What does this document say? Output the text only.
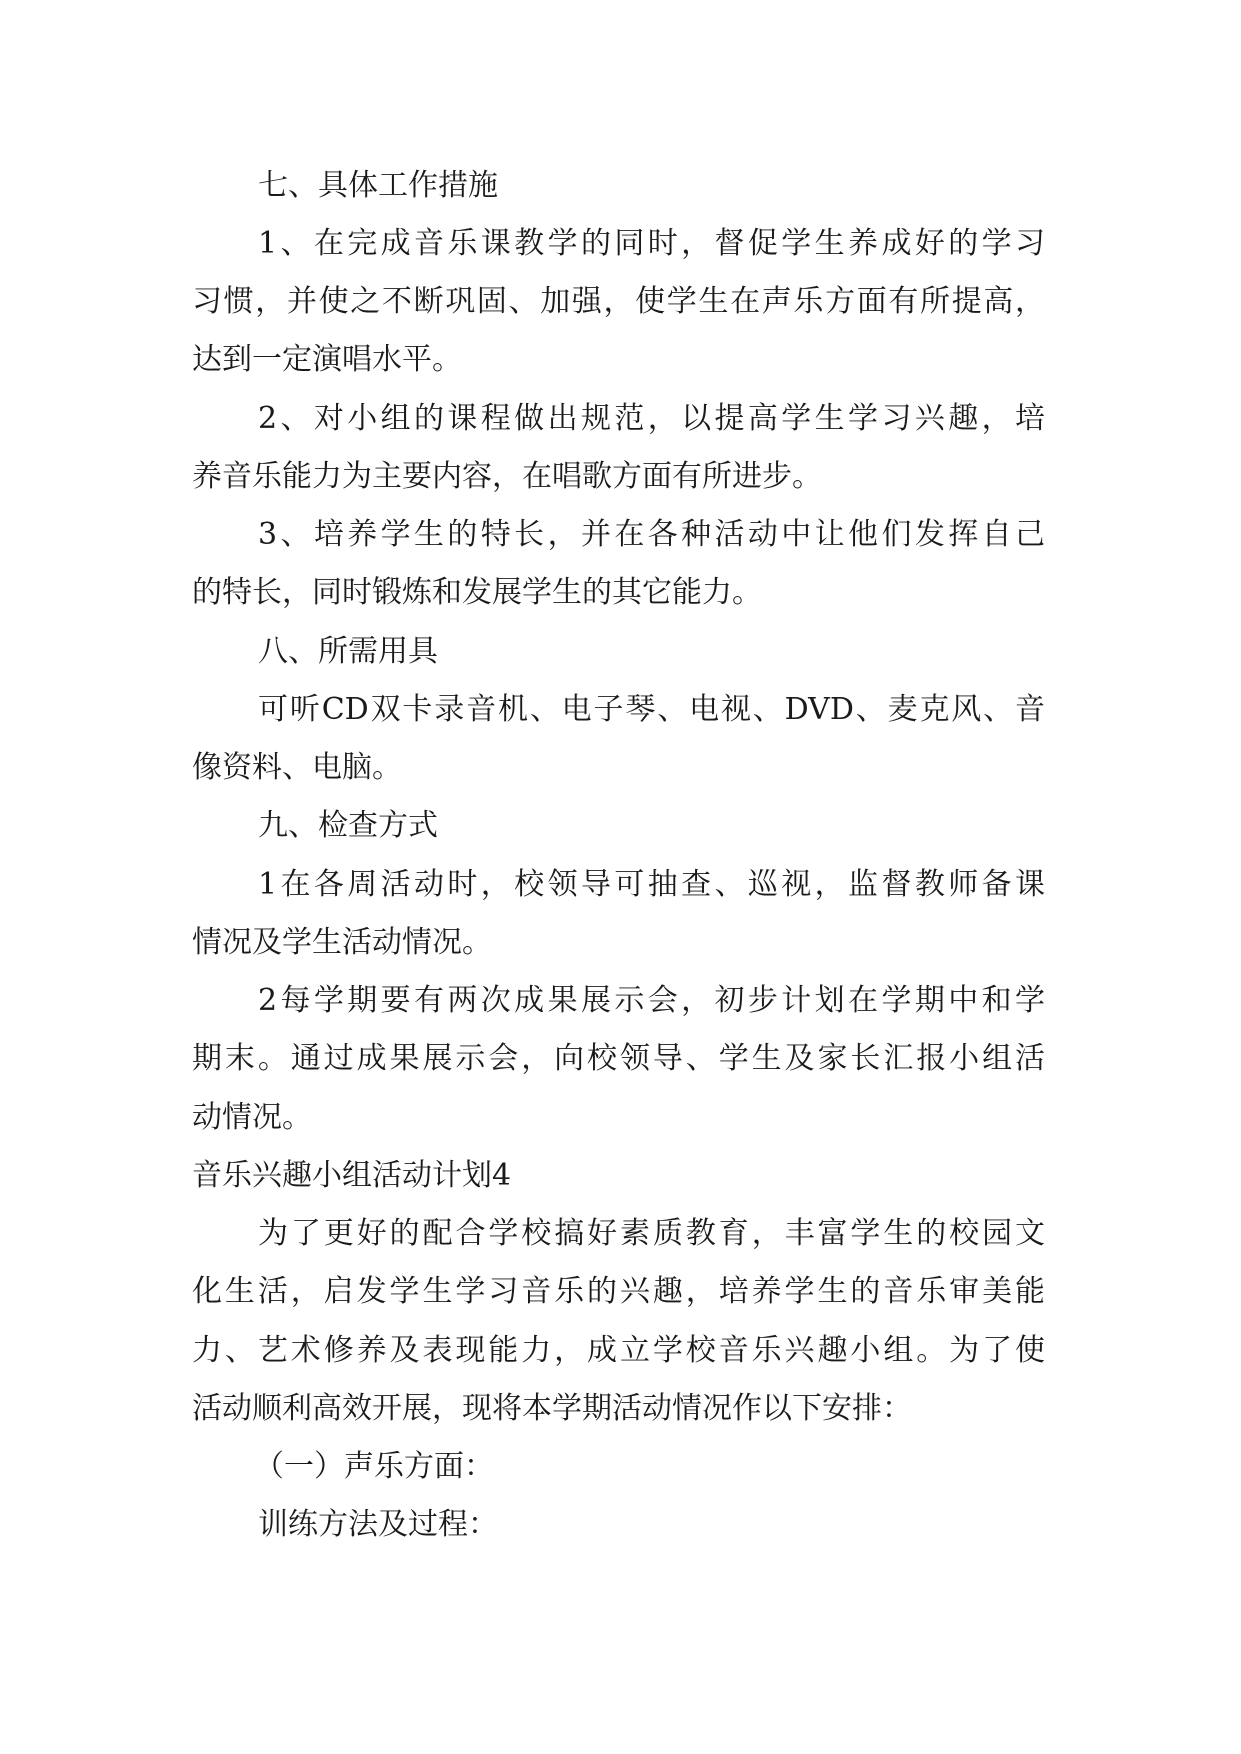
七、具体工作措施
1、在完成音乐课教学的同时，督促学生养成好的学习
习惯，并使之不断巩固、加强，使学生在声乐方面有所提高，
达到一定演唱水平。
2、对小组的课程做出规范，以提高学生学习兴趣，培
养音乐能力为主要内容，在唱歌方面有所进步。
3、培养学生的特长，并在各种活动中让他们发挥自己
的特长，同时锻炼和发展学生的其它能力。
八、所需用具
可听CD双卡录音机、电子琴、电视、DVD、麦克风、音
像资料、电脑。
九、检查方式
1在各周活动时，校领导可抽查、巡视，监督教师备课
情况及学生活动情况。
2每学期要有两次成果展示会，初步计划在学期中和学
期末。通过成果展示会，向校领导、学生及家长汇报小组活
动情况。
音乐兴趣小组活动计划4
为了更好的配合学校搞好素质教育，丰富学生的校园文
化生活，启发学生学习音乐的兴趣，培养学生的音乐审美能
力、艺术修养及表现能力，成立学校音乐兴趣小组。为了使
活动顺利高效开展，现将本学期活动情况作以下安排：
（一）声乐方面：
训练方法及过程：
